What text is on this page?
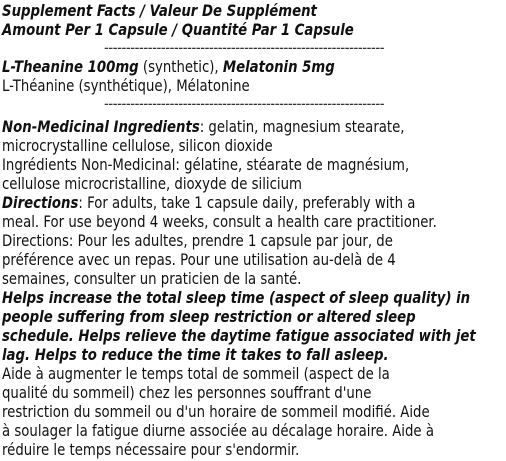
Supplement Facts / Valeur De Supplément
Amount Per 1 Capsule / Quantité Par 1 Capsule
----------------------------------------------------------------
L-Theanine 100mg (synthetic), Melatonin 5mg
L-Théanine (synthétique), Mélatonine
----------------------------------------------------------------
Non-Medicinal Ingredients: gelatin, magnesium stearate,
microcrystalline cellulose, silicon dioxide
Ingrédients Non-Medicinal: gélatine, stéarate de magnésium,
cellulose microcristalline, dioxyde de silicium
Directions: For adults, take 1 capsule daily, preferably with a
meal. For use beyond 4 weeks, consult a health care practitioner.
Directions: Pour les adultes, prendre 1 capsule par jour, de
préférence avec un repas. Pour une utilisation au-delà de 4
semaines, consulter un praticien de la santé.
Helps increase the total sleep time (aspect of sleep quality) in
people suffering from sleep restriction or altered sleep
schedule. Helps relieve the daytime fatigue associated with jet
lag. Helps to reduce the time it takes to fall asleep.
Aide à augmenter le temps total de sommeil (aspect de la
qualité du sommeil) chez les personnes souffrant d'une
restriction du sommeil ou d'un horaire de sommeil modifié. Aide
à soulager la fatigue diurne associée au décalage horaire. Aide à
réduire le temps nécessaire pour s'endormir.
